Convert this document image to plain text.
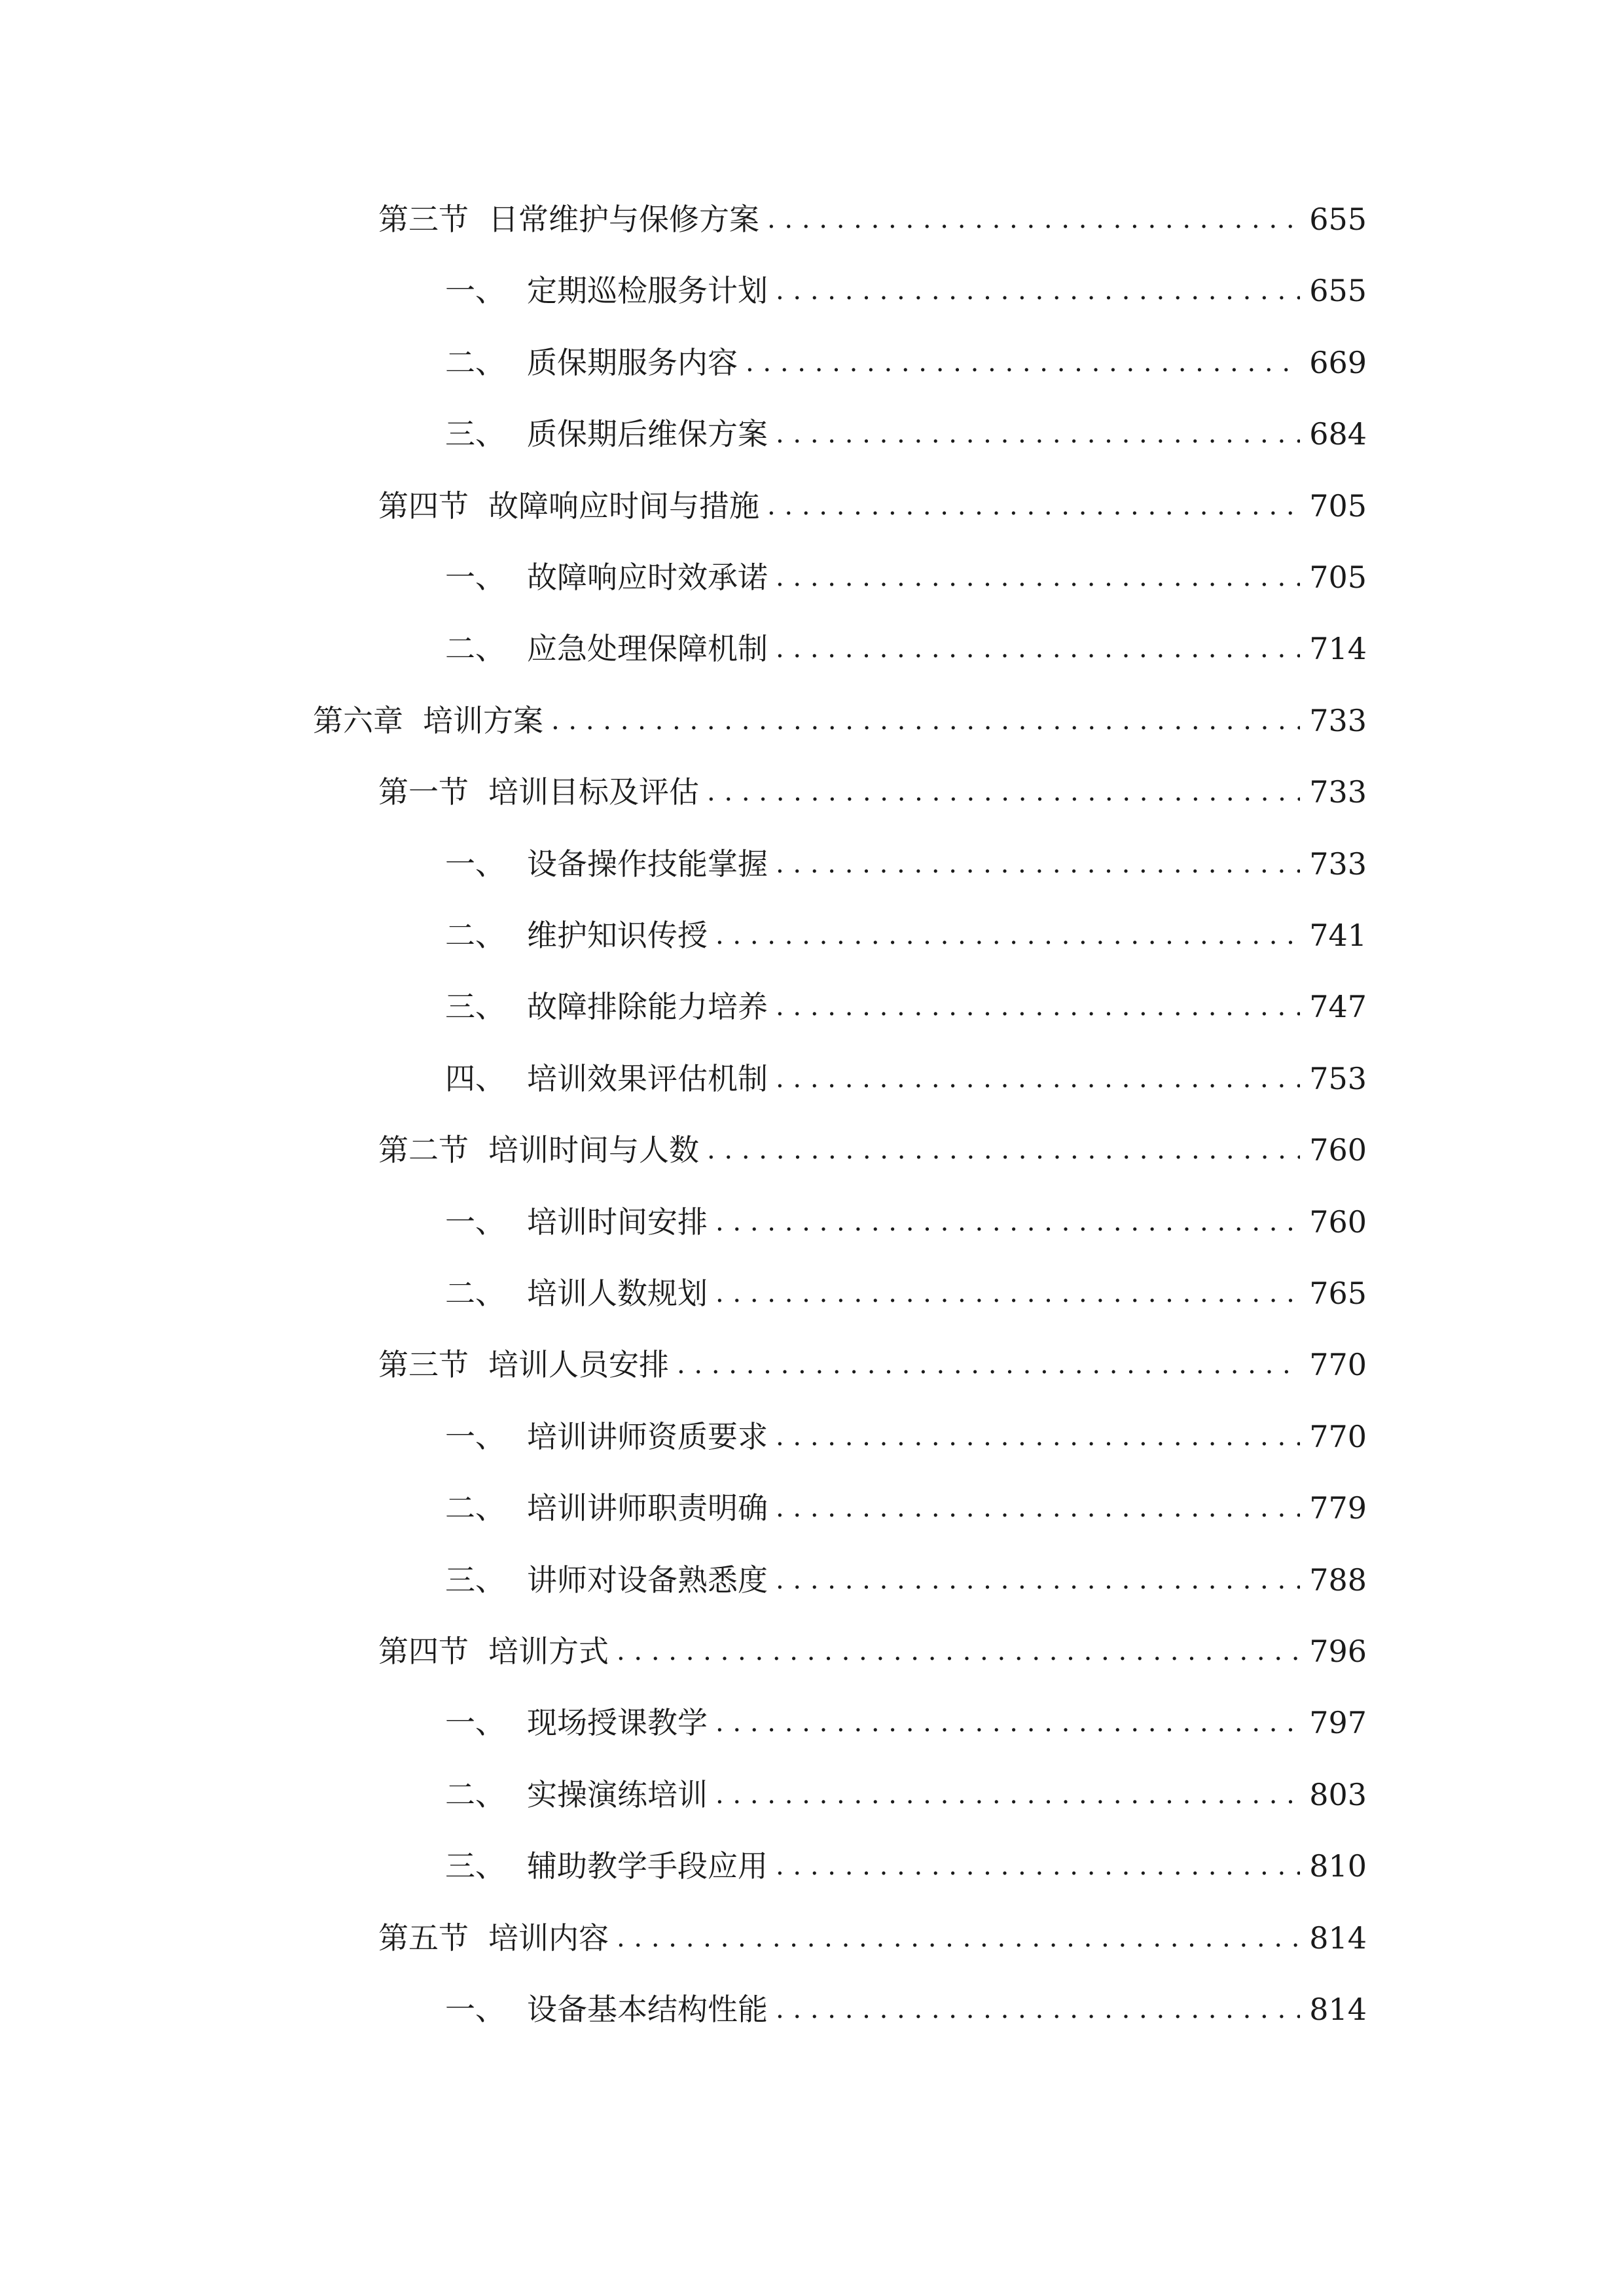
第三节 日常维护与保修方案 . . .	655
一、 定期巡检服务计划 . . .	655
二、 质保期服务内容 . . .	669
三、 质保期后维保方案 . . .	684
第四节 故障响应时间与措施 . . .	705
一、 故障响应时效承诺 . . .	705
二、 应急处理保障机制 . . .	714
第六章 培训方案 . . .	733
第一节 培训目标及评估 . . .	733
一、 设备操作技能掌握 . . .	733
二、 维护知识传授 . . .	741
三、 故障排除能力培养 . . .	747
四、 培训效果评估机制 . . .	753
第二节 培训时间与人数 . . .	760
一、 培训时间安排 . . .	760
二、 培训人数规划 . . .	765
第三节 培训人员安排 . . .	770
一、 培训讲师资质要求 . . .	770
二、 培训讲师职责明确 . . .	779
三、 讲师对设备熟悉度 . . .	788
第四节 培训方式 . . .	796
一、 现场授课教学 . . .	797
二、 实操演练培训 . . .	803
三、 辅助教学手段应用 . . .	810
第五节 培训内容 . . .	814
一、 设备基本结构性能 . . .	814
